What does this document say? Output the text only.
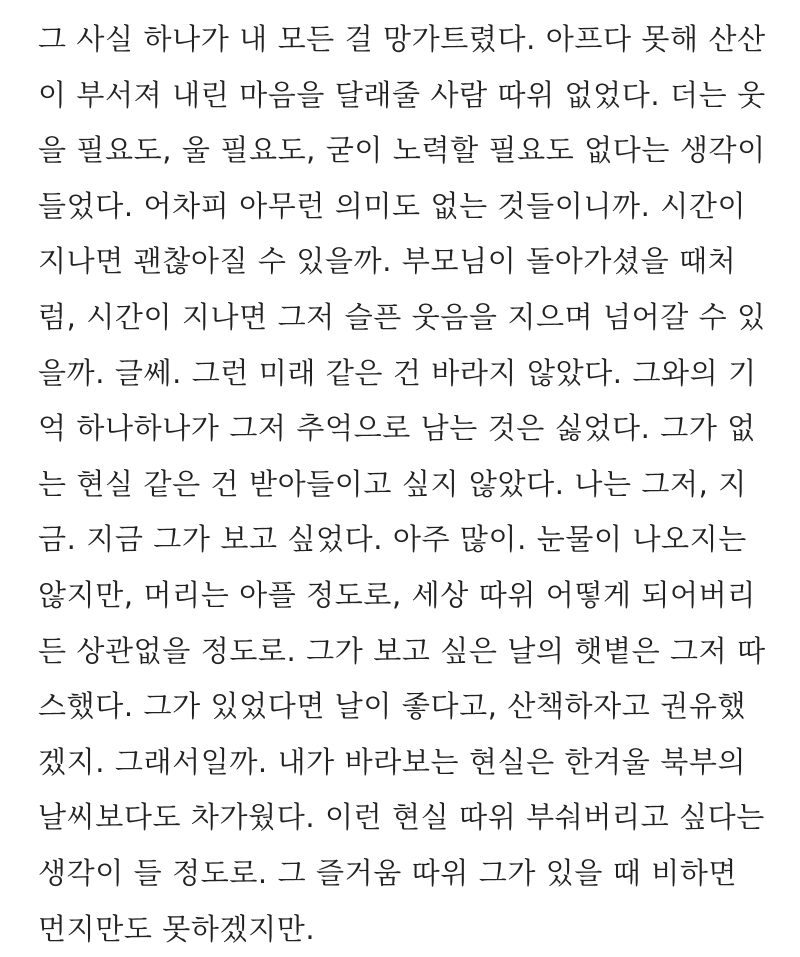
그 사실 하나가 내 모든 걸 망가트렸다. 아프다 못해 산산
이 부서져 내린 마음을 달래줄 사람 따위 없었다. 더는 웃
을 필요도, 울 필요도, 굳이 노력할 필요도 없다는 생각이
들었다. 어차피 아무런 의미도 없는 것들이니까. 시간이
지나면 괜찮아질 수 있을까. 부모님이 돌아가셨을 때처
럼, 시간이 지나면 그저 슬픈 웃음을 지으며 넘어갈 수 있
을까. 글쎄. 그런 미래 같은 건 바라지 않았다. 그와의 기
억 하나하나가 그저 추억으로 남는 것은 싫었다. 그가 없
는 현실 같은 건 받아들이고 싶지 않았다. 나는 그저, 지
금. 지금 그가 보고 싶었다. 아주 많이. 눈물이 나오지는
않지만, 머리는 아플 정도로, 세상 따위 어떻게 되어버리
든 상관없을 정도로. 그가 보고 싶은 날의 햇볕은 그저 따
스했다. 그가 있었다면 날이 좋다고, 산책하자고 권유했
겠지. 그래서일까. 내가 바라보는 현실은 한겨울 북부의
날씨보다도 차가웠다. 이런 현실 따위 부숴버리고 싶다는
생각이 들 정도로. 그 즐거움 따위 그가 있을 때 비하면
먼지만도 못하겠지만.
